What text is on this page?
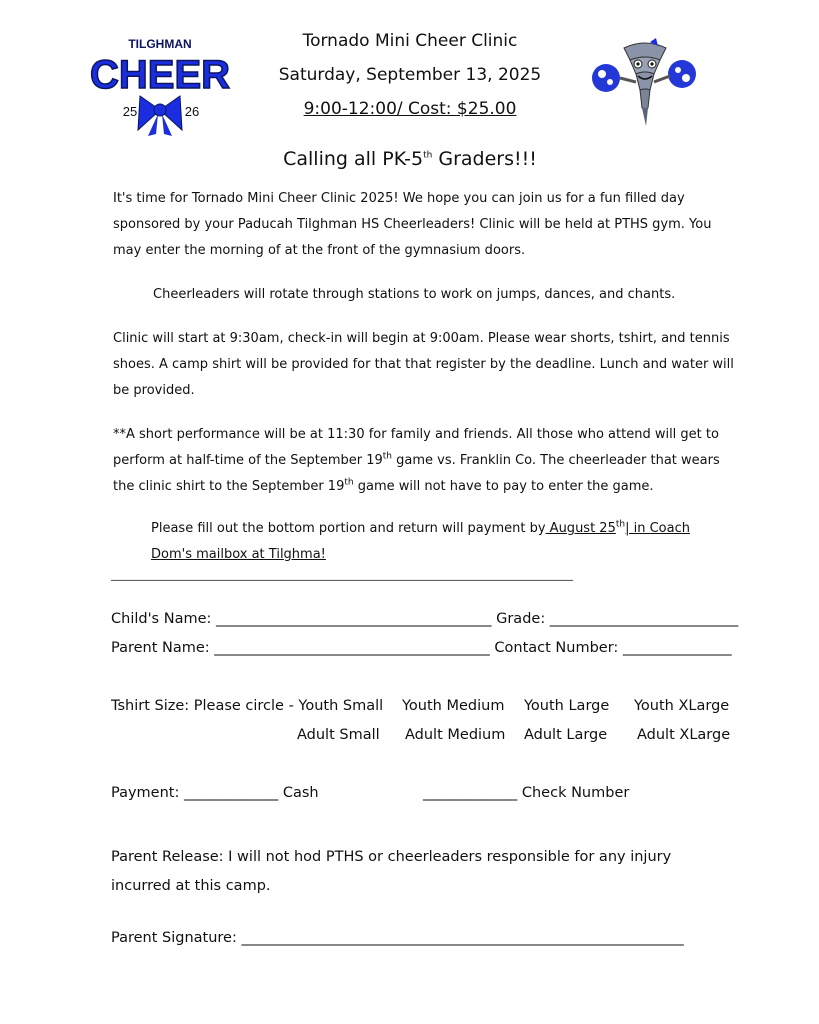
TILGHMAN
CHEER
25	26
Tornado Mini Cheer Clinic
Saturday, September 13, 2025
9:00-12:00/ Cost: $25.00
Calling all PK-5th Graders!!!
It's time for Tornado Mini Cheer Clinic 2025! We hope you can join us for a fun filled day sponsored by your Paducah Tilghman HS Cheerleaders! Clinic will be held at PTHS gym. You may enter the morning of at the front of the gymnasium doors.
Cheerleaders will rotate through stations to work on jumps, dances, and chants.
Clinic will start at 9:30am, check-in will begin at 9:00am. Please wear shorts, tshirt, and tennis shoes. A camp shirt will be provided for that that register by the deadline. Lunch and water will be provided.
**A short performance will be at 11:30 for family and friends. All those who attend will get to perform at half-time of the September 19th game vs. Franklin Co. The cheerleader that wears the clinic shirt to the September 19th game will not have to pay to enter the game.
Please fill out the bottom portion and return will payment by August 25th| in Coach
Dom's mailbox at Tilghma!
____________________________________________________________________________________
Child's Name: ______________________________________ Grade: __________________________
Parent Name: ______________________________________ Contact Number: _______________
Tshirt Size: Please circle - Youth Small Youth Medium Youth Large Youth XLarge
Adult Small Adult Medium Adult Large Adult XLarge
Payment: _____________ Cash	_____________ Check Number
Parent Release: I will not hod PTHS or cheerleaders responsible for any injury incurred at this camp.
Parent Signature: _____________________________________________________________
